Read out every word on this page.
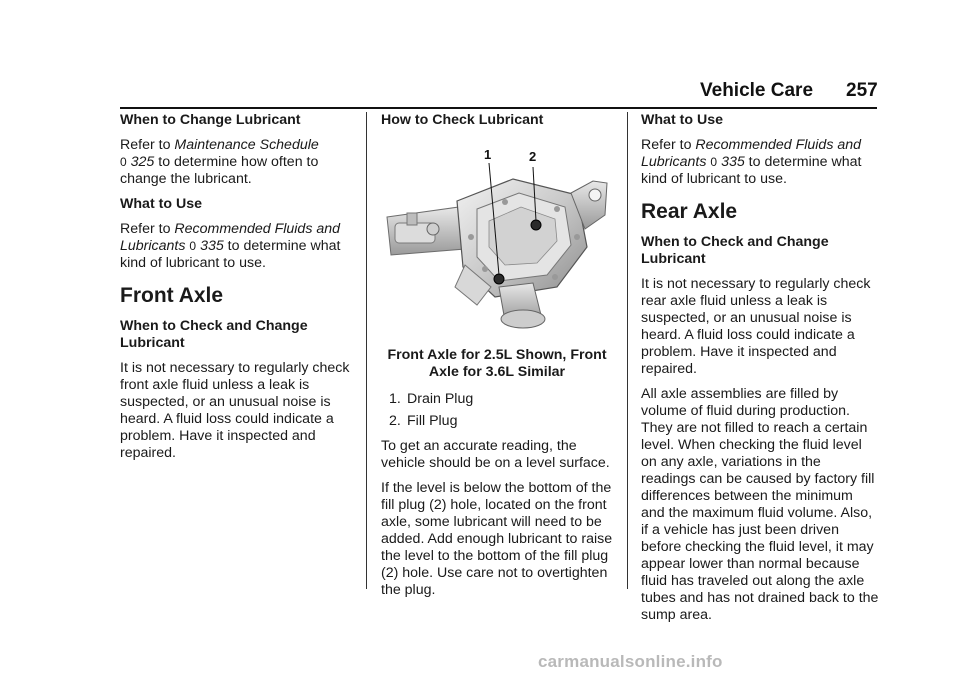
Vehicle Care 257
When to Change Lubricant
Refer to Maintenance Schedule
0 325 to determine how often to change the lubricant.
What to Use
Refer to Recommended Fluids and Lubricants 0 335 to determine what kind of lubricant to use.
Front Axle
When to Check and Change Lubricant
It is not necessary to regularly check front axle fluid unless a leak is suspected, or an unusual noise is heard. A fluid loss could indicate a problem. Have it inspected and repaired.
How to Check Lubricant
1	2
Front Axle for 2.5L Shown, Front Axle for 3.6L Similar
1. Drain Plug
2. Fill Plug
To get an accurate reading, the vehicle should be on a level surface.
If the level is below the bottom of the fill plug (2) hole, located on the front axle, some lubricant will need to be added. Add enough lubricant to raise the level to the bottom of the fill plug (2) hole. Use care not to overtighten the plug.
What to Use
Refer to Recommended Fluids and Lubricants 0 335 to determine what kind of lubricant to use.
Rear Axle
When to Check and Change Lubricant
It is not necessary to regularly check rear axle fluid unless a leak is suspected, or an unusual noise is heard. A fluid loss could indicate a problem. Have it inspected and repaired.
All axle assemblies are filled by volume of fluid during production. They are not filled to reach a certain level. When checking the fluid level on any axle, variations in the readings can be caused by factory fill differences between the minimum and the maximum fluid volume. Also, if a vehicle has just been driven before checking the fluid level, it may appear lower than normal because fluid has traveled out along the axle tubes and has not drained back to the sump area.
carmanualsonline.info
